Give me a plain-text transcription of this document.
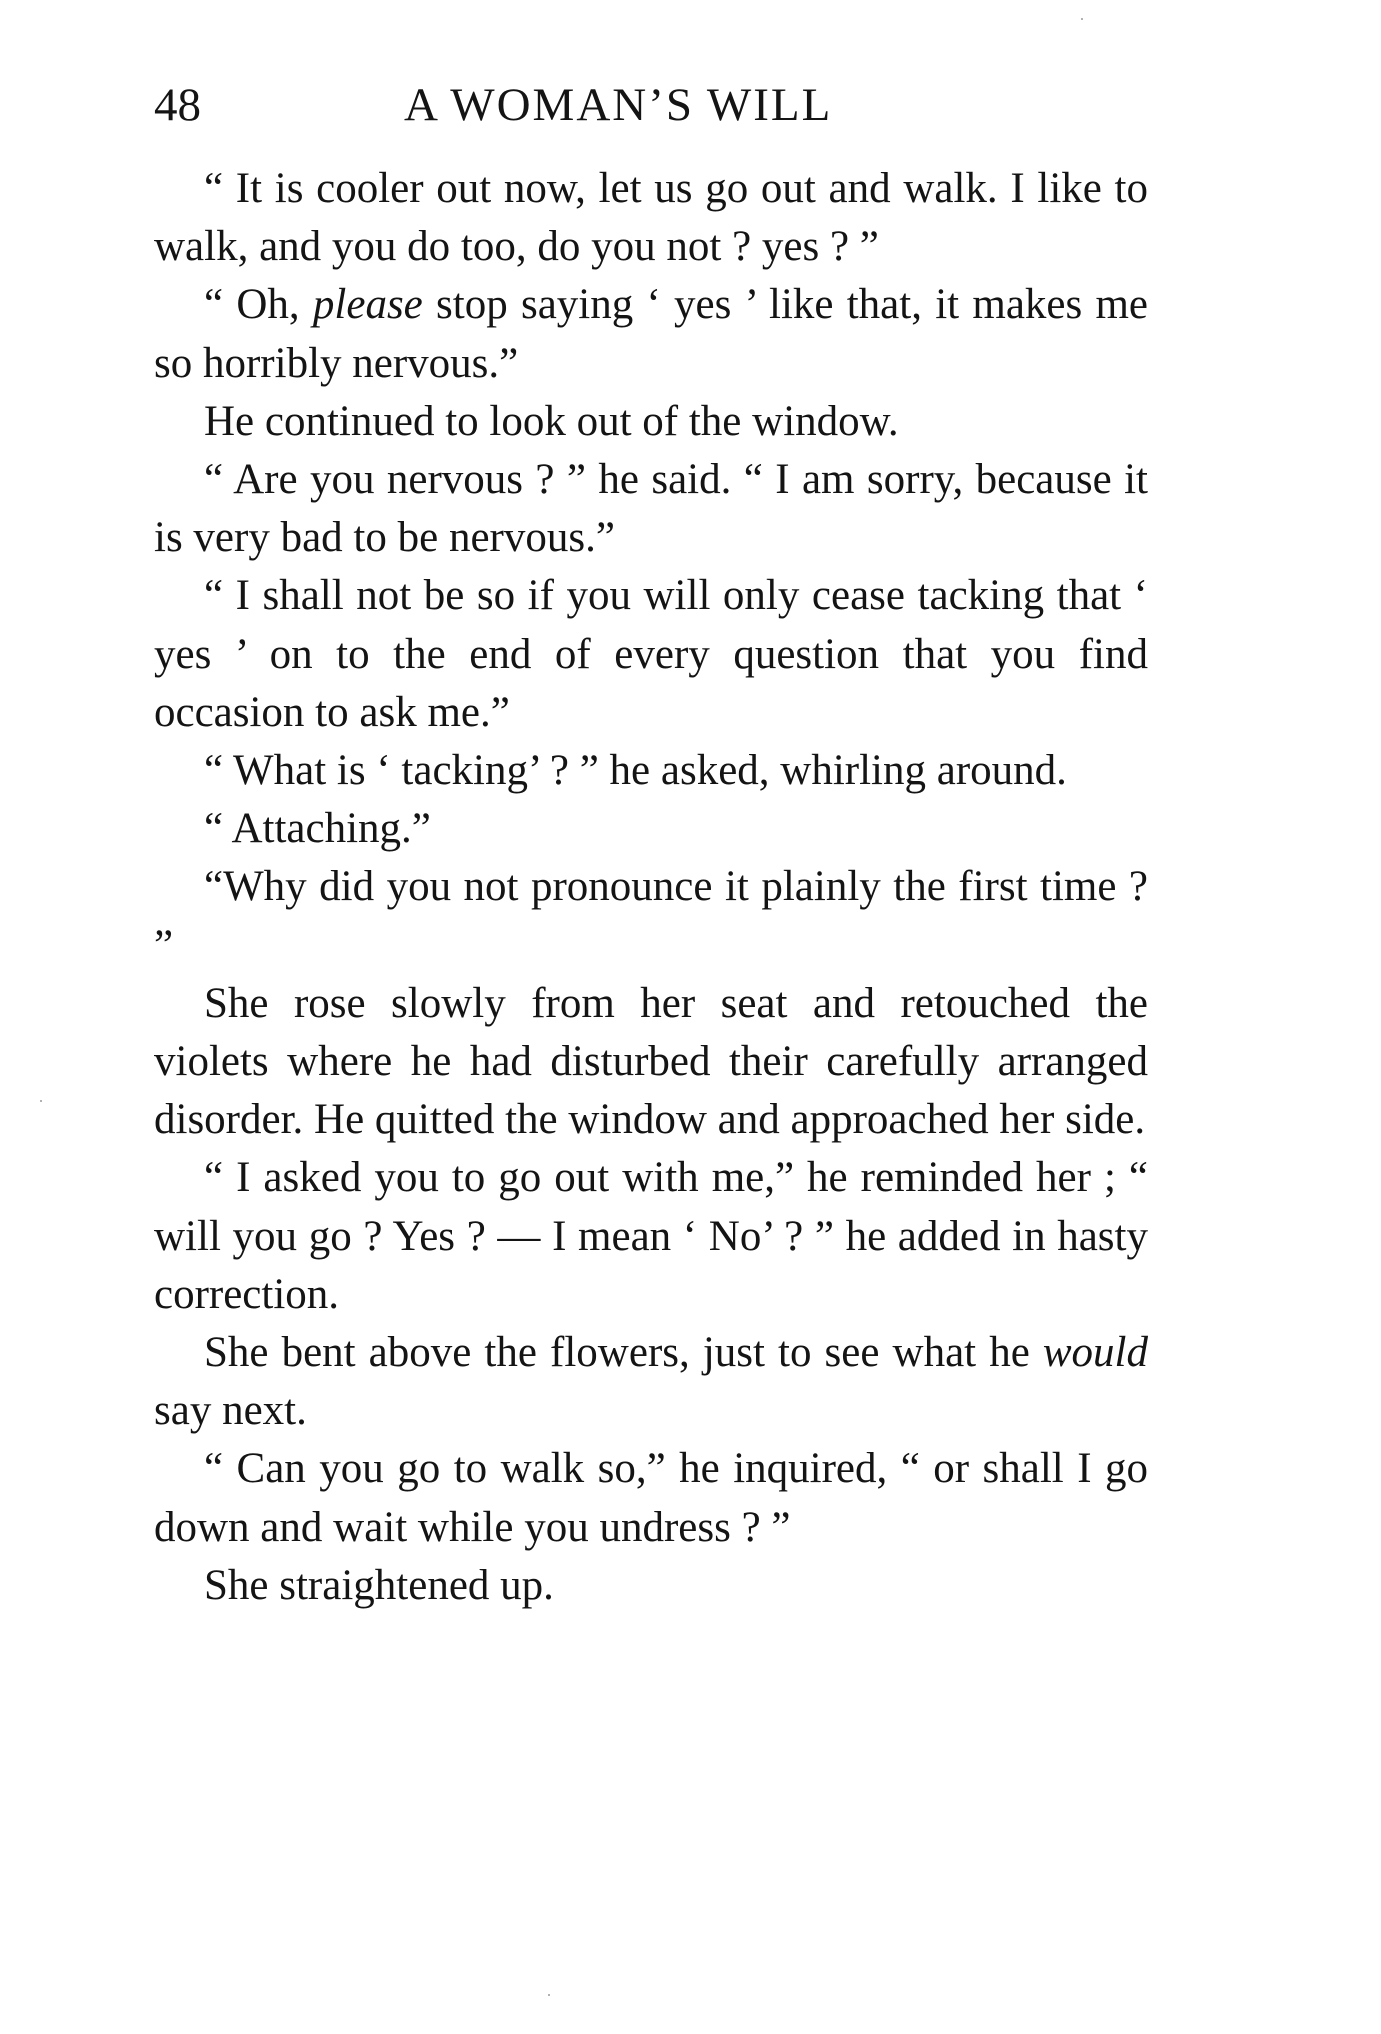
48	A WOMAN’S WILL

“ It is cooler out now, let us go out and walk. I like to walk, and you do too, do you not ? yes ? ”

“ Oh, please stop saying ‘ yes ’ like that, it makes me so horribly nervous.”

He continued to look out of the window.

“ Are you nervous ? ” he said. “ I am sorry, because it is very bad to be nervous.”

“ I shall not be so if you will only cease tacking that ‘ yes ’ on to the end of every question that you find occasion to ask me.”

“ What is ‘ tacking’ ? ” he asked, whirling around.

“ Attaching.”

“Why did you not pronounce it plainly the first time ? ”

She rose slowly from her seat and retouched the violets where he had disturbed their carefully arranged disorder. He quitted the window and approached her side.

“ I asked you to go out with me,” he reminded her ; “ will you go ? Yes ? — I mean ‘ No’ ? ” he added in hasty correction.

She bent above the flowers, just to see what he would say next.

“ Can you go to walk so,” he inquired, “ or shall I go down and wait while you undress ? ”

She straightened up.
